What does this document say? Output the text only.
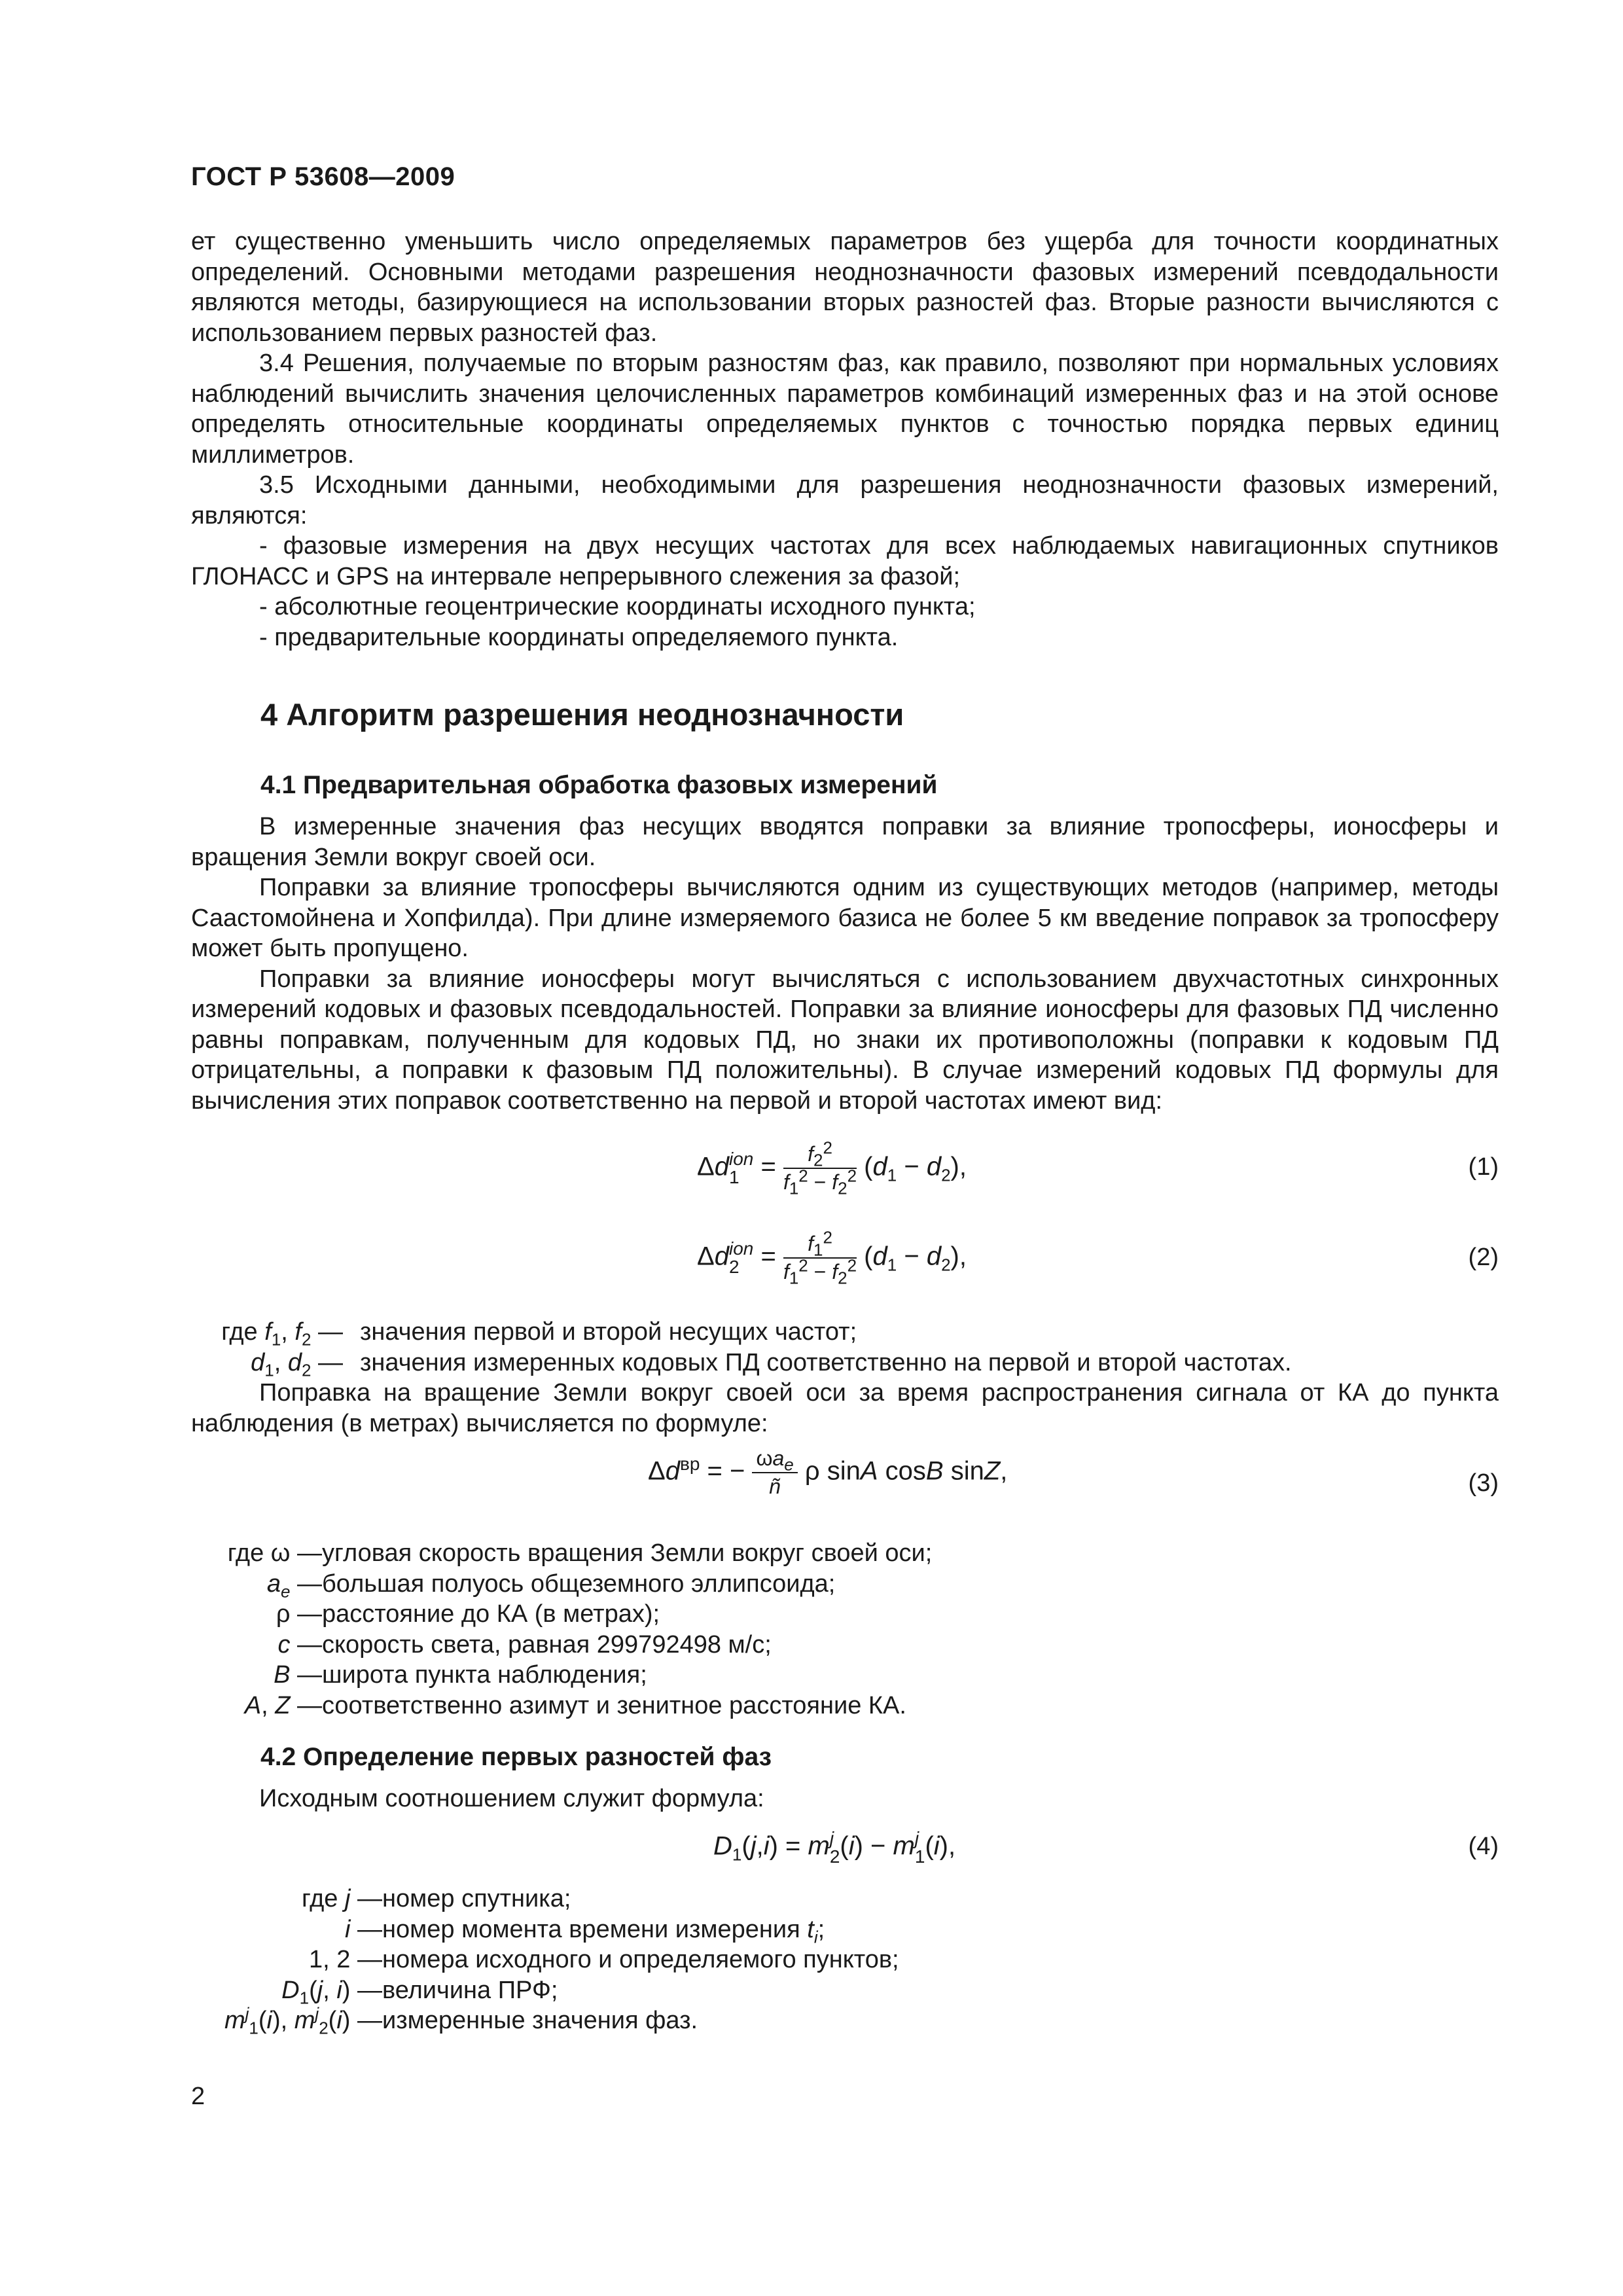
ГОСТ Р 53608—2009

ет существенно уменьшить число определяемых параметров без ущерба для точности координатных определений. Основными методами разрешения неоднозначности фазовых измерений псевдодальности являются методы, базирующиеся на использовании вторых разностей фаз. Вторые разности вычисляются с использованием первых разностей фаз.

3.4 Решения, получаемые по вторым разностям фаз, как правило, позволяют при нормальных условиях наблюдений вычислить значения целочисленных параметров комбинаций измеренных фаз и на этой основе определять относительные координаты определяемых пунктов с точностью порядка первых единиц миллиметров.

3.5 Исходными данными, необходимыми для разрешения неоднозначности фазовых измерений, являются:

- фазовые измерения на двух несущих частотах для всех наблюдаемых навигационных спутников ГЛОНАСС и GPS на интервале непрерывного слежения за фазой;

- абсолютные геоцентрические координаты исходного пункта;

- предварительные координаты определяемого пункта.

4 Алгоритм разрешения неоднозначности
4.1 Предварительная обработка фазовых измерений

В измеренные значения фаз несущих вводятся поправки за влияние тропосферы, ионосферы и вращения Земли вокруг своей оси.

Поправки за влияние тропосферы вычисляются одним из существующих методов (например, методы Саастомойнена и Хопфилда). При длине измеряемого базиса не более 5 км введение поправок за тропосферу может быть пропущено.

Поправки за влияние ионосферы могут вычисляться с использованием двухчастотных синхронных измерений кодовых и фазовых псевдодальностей. Поправки за влияние ионосферы для фазовых ПД численно равны поправкам, полученным для кодовых ПД, но знаки их противоположны (поправки к кодовым ПД отрицательны, а поправки к фазовым ПД положительны). В случае измерений кодовых ПД формулы для вычисления этих поправок соответственно на первой и второй частотах имеют вид:

Δd ion
$1 = \frac{f_2^2}{f_1^2 - f_2^2} (d_1 - d_2)$,	(1)
Δd ion
$2 = \frac{f_1^2}{f_1^2 - f_2^2} (d_1 - d_2)$,	(2)
где $f_1$, $f_2$ — значения первой и второй несущих частот;
$d_1$, $d_2$ — значения измеренных кодовых ПД соответственно на первой и второй частотах.

Поправка на вращение Земли вокруг своей оси за время распространения сигнала от КА до пункта наблюдения (в метрах) вычисляется по формуле:

$\Delta d^{вр}$ = − $\frac{\omega a_e}{ñ}$ ρ sinA cosB sinZ,	(3)
где ω — угловая скорость вращения Земли вокруг своей оси;
$a_e$ — большая полуось общеземного эллипсоида;
ρ — расстояние до КА (в метрах);
c — скорость света, равная 299792498 м/с;
B — широта пункта наблюдения;
A, Z — соответственно азимут и зенитное расстояние КА.
4.2 Определение первых разностей фаз

Исходным соотношением служит формула:

$D_1(j,i) = m$ j
2 (i) − m j
1 (i),	(4)
где j — номер спутника;
i — номер момента времени измерения $t_i$;
1, 2 — номера исходного и определяемого пунктов;
$D_1(j$, i) — величина ПРФ;
$m^j_1(i)$, $m^j_2(i)$ — измеренные значения фаз.
2
